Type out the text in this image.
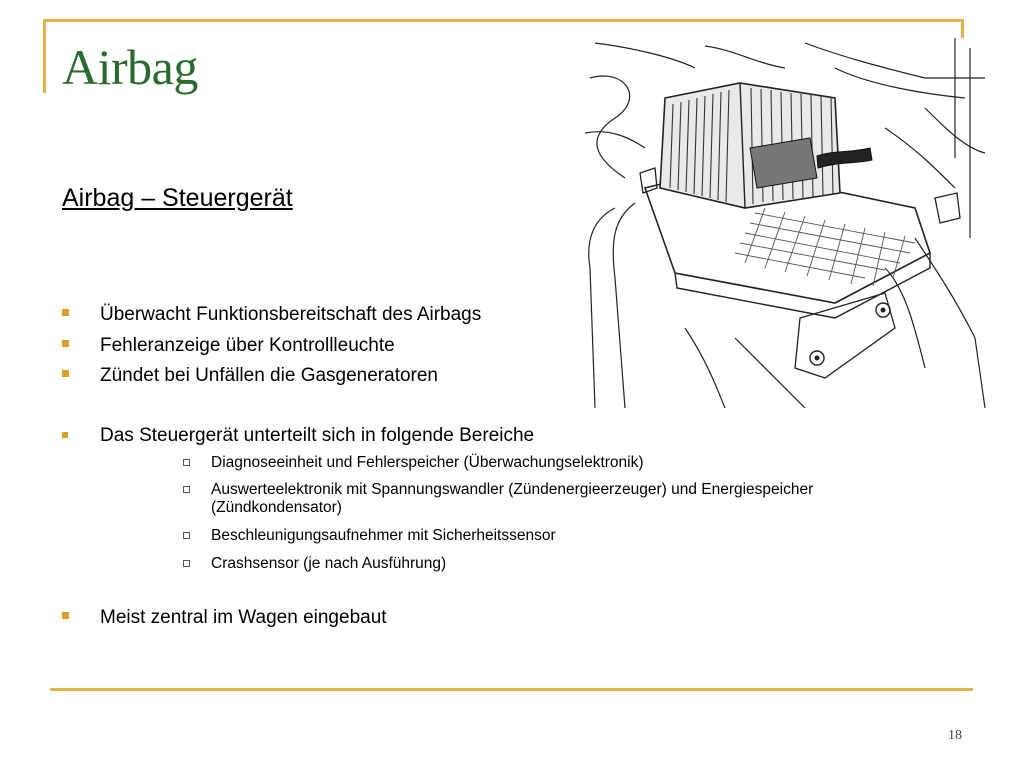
Airbag
Airbag – Steuergerät
Überwacht Funktionsbereitschaft des Airbags
Fehleranzeige über Kontrollleuchte
Zündet bei Unfällen die Gasgeneratoren
Das Steuergerät unterteilt sich in folgende Bereiche
Diagnoseeinheit und Fehlerspeicher (Überwachungselektronik)
Auswerteelektronik mit Spannungswandler (Zündenergieerzeuger) und Energiespeicher (Zündkondensator)
Beschleunigungsaufnehmer mit Sicherheitssensor
Crashsensor (je nach Ausführung)
Meist zentral im Wagen eingebaut
18
